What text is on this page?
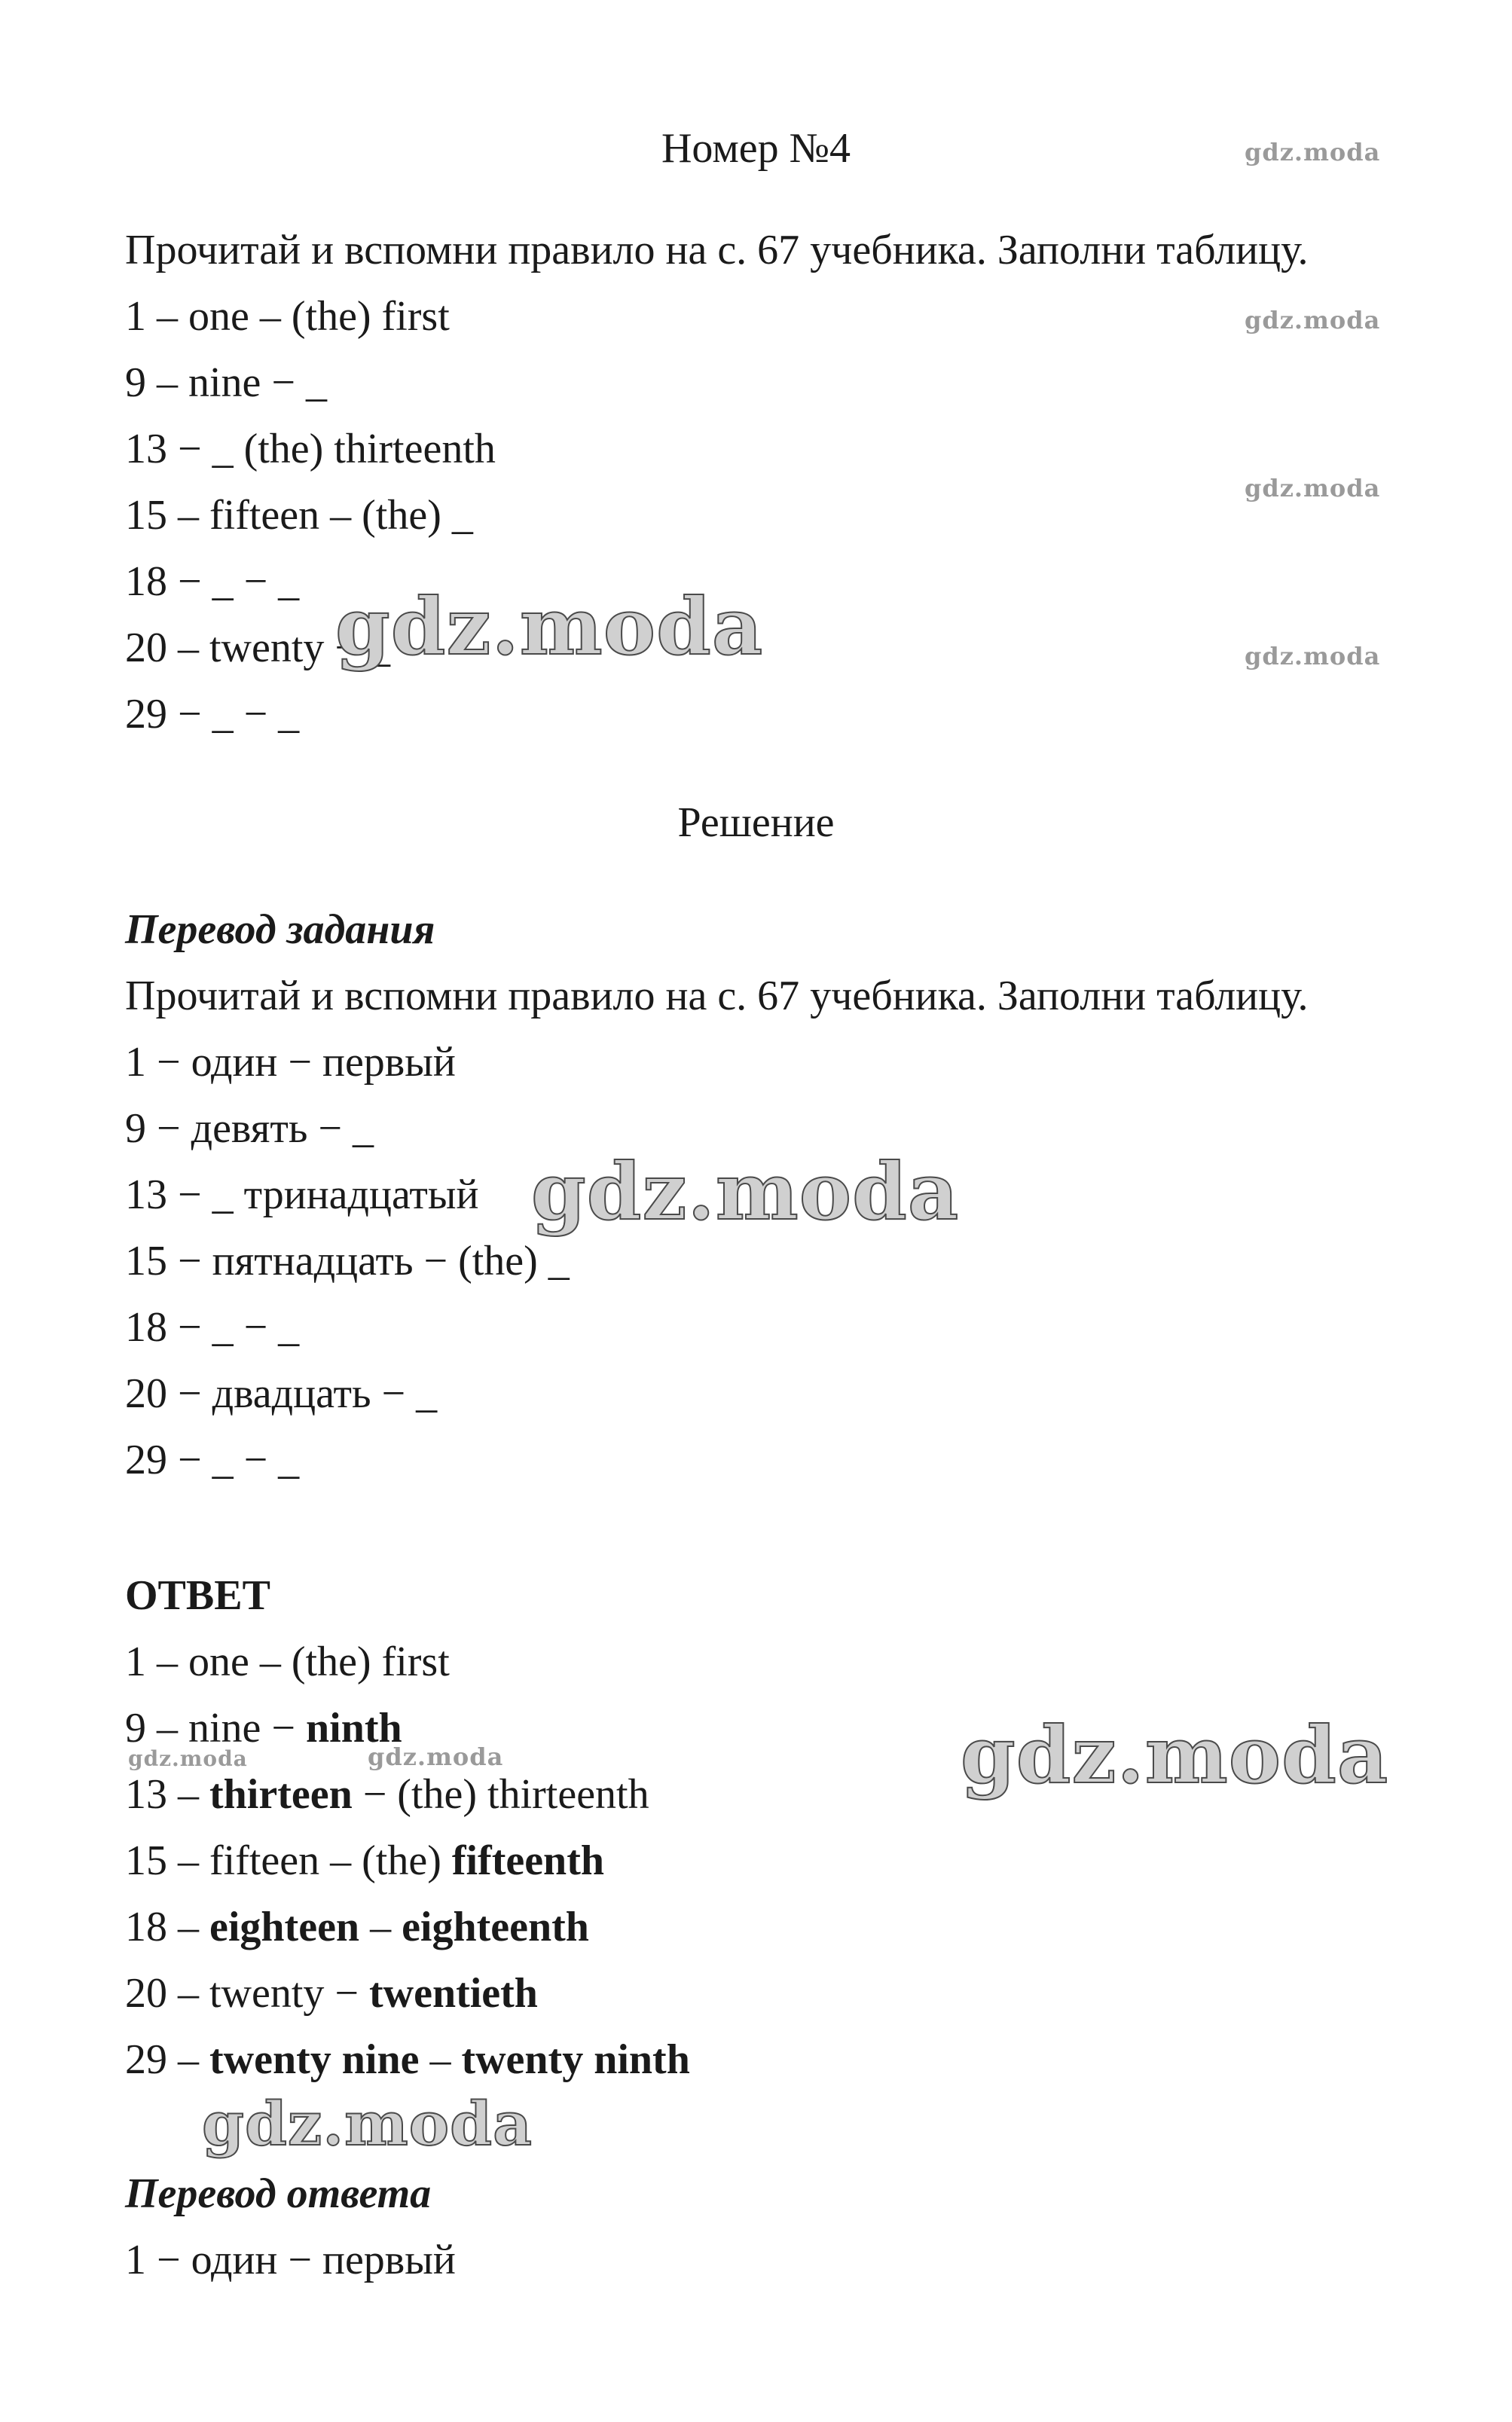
Номер №4
Прочитай и вспомни правило на с. 67 учебника. Заполни таблицу.
1 – one – (the) first
9 – nine − _
13 − _ (the) thirteenth
15 – fifteen – (the) _
18 − _ − _
20 – twenty − _
29 − _ − _
Решение
Перевод задания
Прочитай и вспомни правило на с. 67 учебника. Заполни таблицу.
1 − один − первый
9 − девять − _
13 − _ тринадцатый
15 − пятнадцать − (the) _
18 − _ − _
20 − двадцать − _
29 − _ − _
ОТВЕТ
1 – one – (the) first
9 – nine − ninth
13 – thirteen − (the) thirteenth
15 – fifteen – (the) fifteenth
18 – eighteen – eighteenth
20 – twenty − twentieth
29 – twenty nine – twenty ninth
Перевод ответа
1 − один − первый
gdz.moda
gdz.moda
gdz.moda
gdz.moda
gdz.moda
gdz.moda
gdz.moda
gdz.moda	gdz.moda
gdz.moda
